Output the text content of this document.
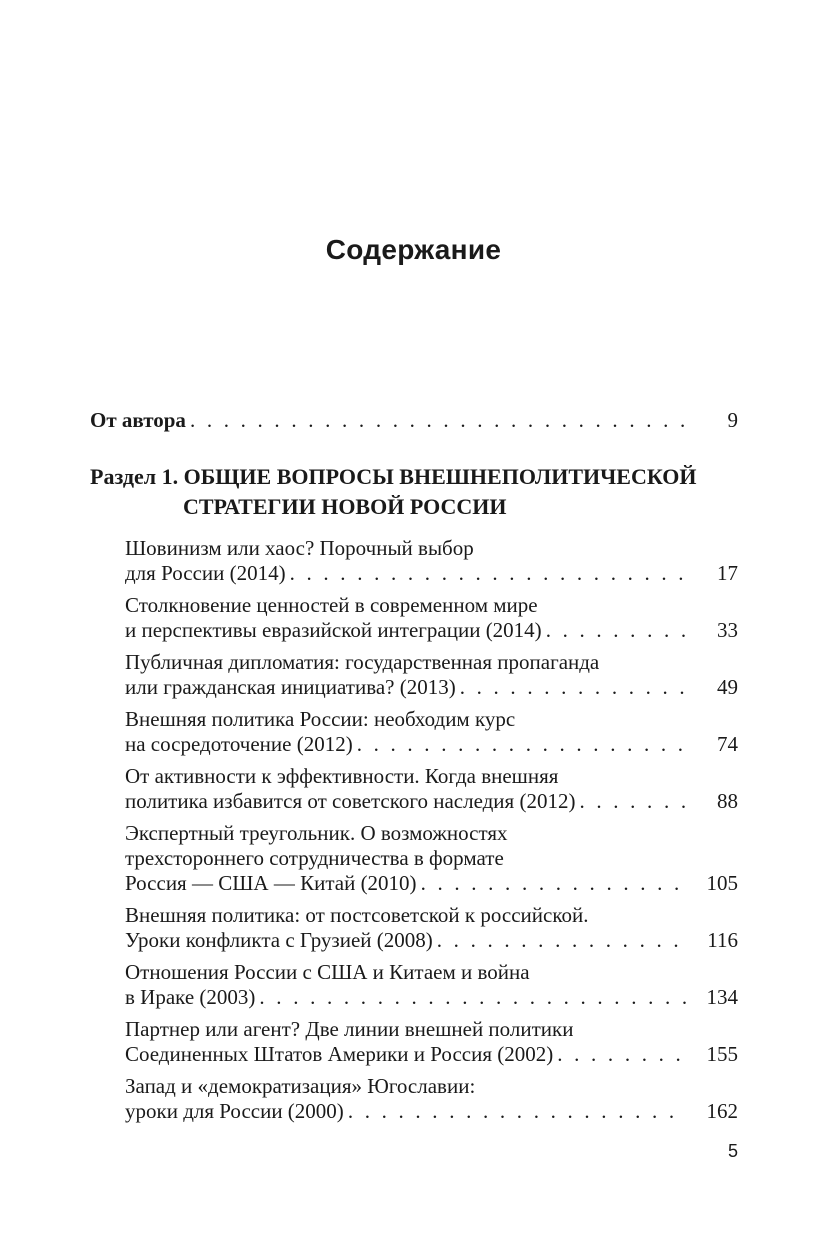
Содержание
От автора . . .	9
Раздел 1. ОБЩИЕ ВОПРОСЫ ВНЕШНЕПОЛИТИЧЕСКОЙ
СТРАТЕГИИ НОВОЙ РОССИИ
Шовинизм или хаос? Порочный выбор
для России (2014) . . .	17
Столкновение ценностей в современном мире
и перспективы евразийской интеграции (2014) . . .	33
Публичная дипломатия: государственная пропаганда
или гражданская инициатива? (2013) . . .	49
Внешняя политика России: необходим курс
на сосредоточение (2012) . . .	74
От активности к эффективности. Когда внешняя
политика избавится от советского наследия (2012) . . .	88
Экспертный треугольник. О возможностях
трехстороннего сотрудничества в формате
Россия — США — Китай (2010) . . .	105
Внешняя политика: от постсоветской к российской.
Уроки конфликта с Грузией (2008) . . .	116
Отношения России с США и Китаем и война
в Ираке (2003) . . .	134
Партнер или агент? Две линии внешней политики
Соединенных Штатов Америки и Россия (2002) . . .	155
Запад и «демократизация» Югославии:
уроки для России (2000) . . .	162
5
